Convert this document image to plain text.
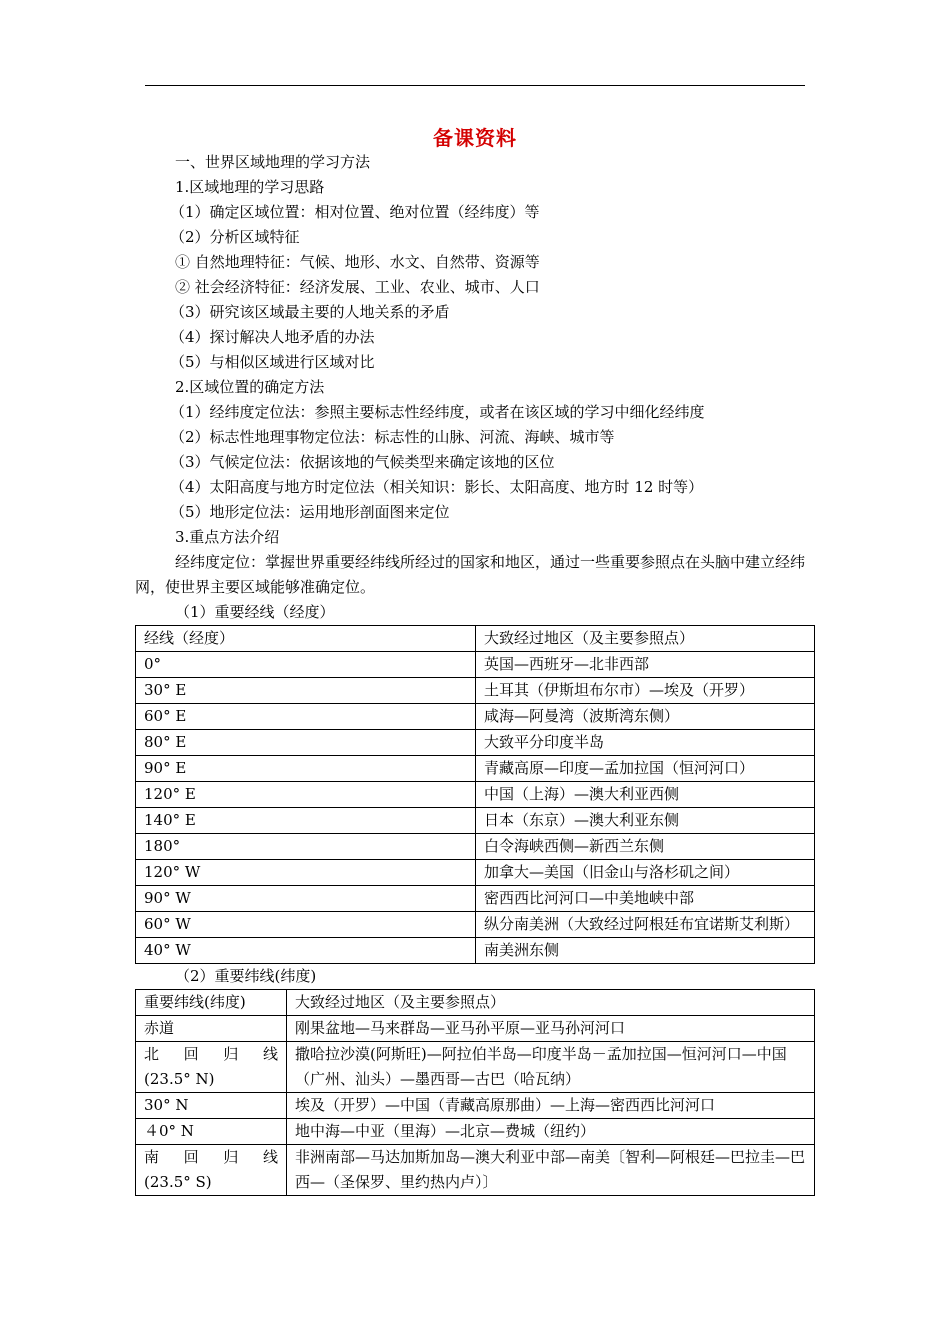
备课资料
一、世界区域地理的学习方法
1.区域地理的学习思路
（1）确定区域位置：相对位置、绝对位置（经纬度）等
（2）分析区域特征
① 自然地理特征：气候、地形、水文、自然带、资源等
② 社会经济特征：经济发展、工业、农业、城市、人口
（3）研究该区域最主要的人地关系的矛盾
（4）探讨解决人地矛盾的办法
（5）与相似区域进行区域对比
2.区域位置的确定方法
（1）经纬度定位法：参照主要标志性经纬度，或者在该区域的学习中细化经纬度
（2）标志性地理事物定位法：标志性的山脉、河流、海峡、城市等
（3）气候定位法：依据该地的气候类型来确定该地的区位
（4）太阳高度与地方时定位法（相关知识：影长、太阳高度、地方时 12 时等）
（5）地形定位法：运用地形剖面图来定位
3.重点方法介绍
经纬度定位：掌握世界重要经纬线所经过的国家和地区，通过一些重要参照点在头脑中建立经纬网，使世界主要区域能够准确定位。
（1）重要经线（经度）
经线（经度）	大致经过地区（及主要参照点）
0°	英国—西班牙—北非西部
30° E	土耳其（伊斯坦布尔市）—埃及（开罗）
60° E	咸海—阿曼湾（波斯湾东侧）
80° E	大致平分印度半岛
90° E	青藏高原—印度—孟加拉国（恒河河口）
120° E	中国（上海）—澳大利亚西侧
140° E	日本（东京）—澳大利亚东侧
180°	白令海峡西侧—新西兰东侧
120° W	加拿大—美国（旧金山与洛杉矶之间）
90° W	密西西比河河口—中美地峡中部
60° W	纵分南美洲（大致经过阿根廷布宜诺斯艾利斯）
40° W	南美洲东侧
（2）重要纬线(纬度)
重要纬线(纬度)	大致经过地区（及主要参照点）
赤道	刚果盆地—马来群岛—亚马孙平原—亚马孙河河口

北 回 归 线
(23.5° N)	撒哈拉沙漠(阿斯旺)—阿拉伯半岛—印度半岛－孟加拉国—恒河河口—中国（广州、汕头）—墨西哥—古巴（哈瓦纳）
30° N	埃及（开罗）—中国（青藏高原那曲）—上海—密西西比河河口
４0° N	地中海—中亚（里海）—北京—费城（纽约）

南 回 归 线
(23.5° S)	非洲南部—马达加斯加岛—澳大利亚中部—南美〔智利—阿根廷—巴拉圭—巴西—（圣保罗、里约热内卢）〕
